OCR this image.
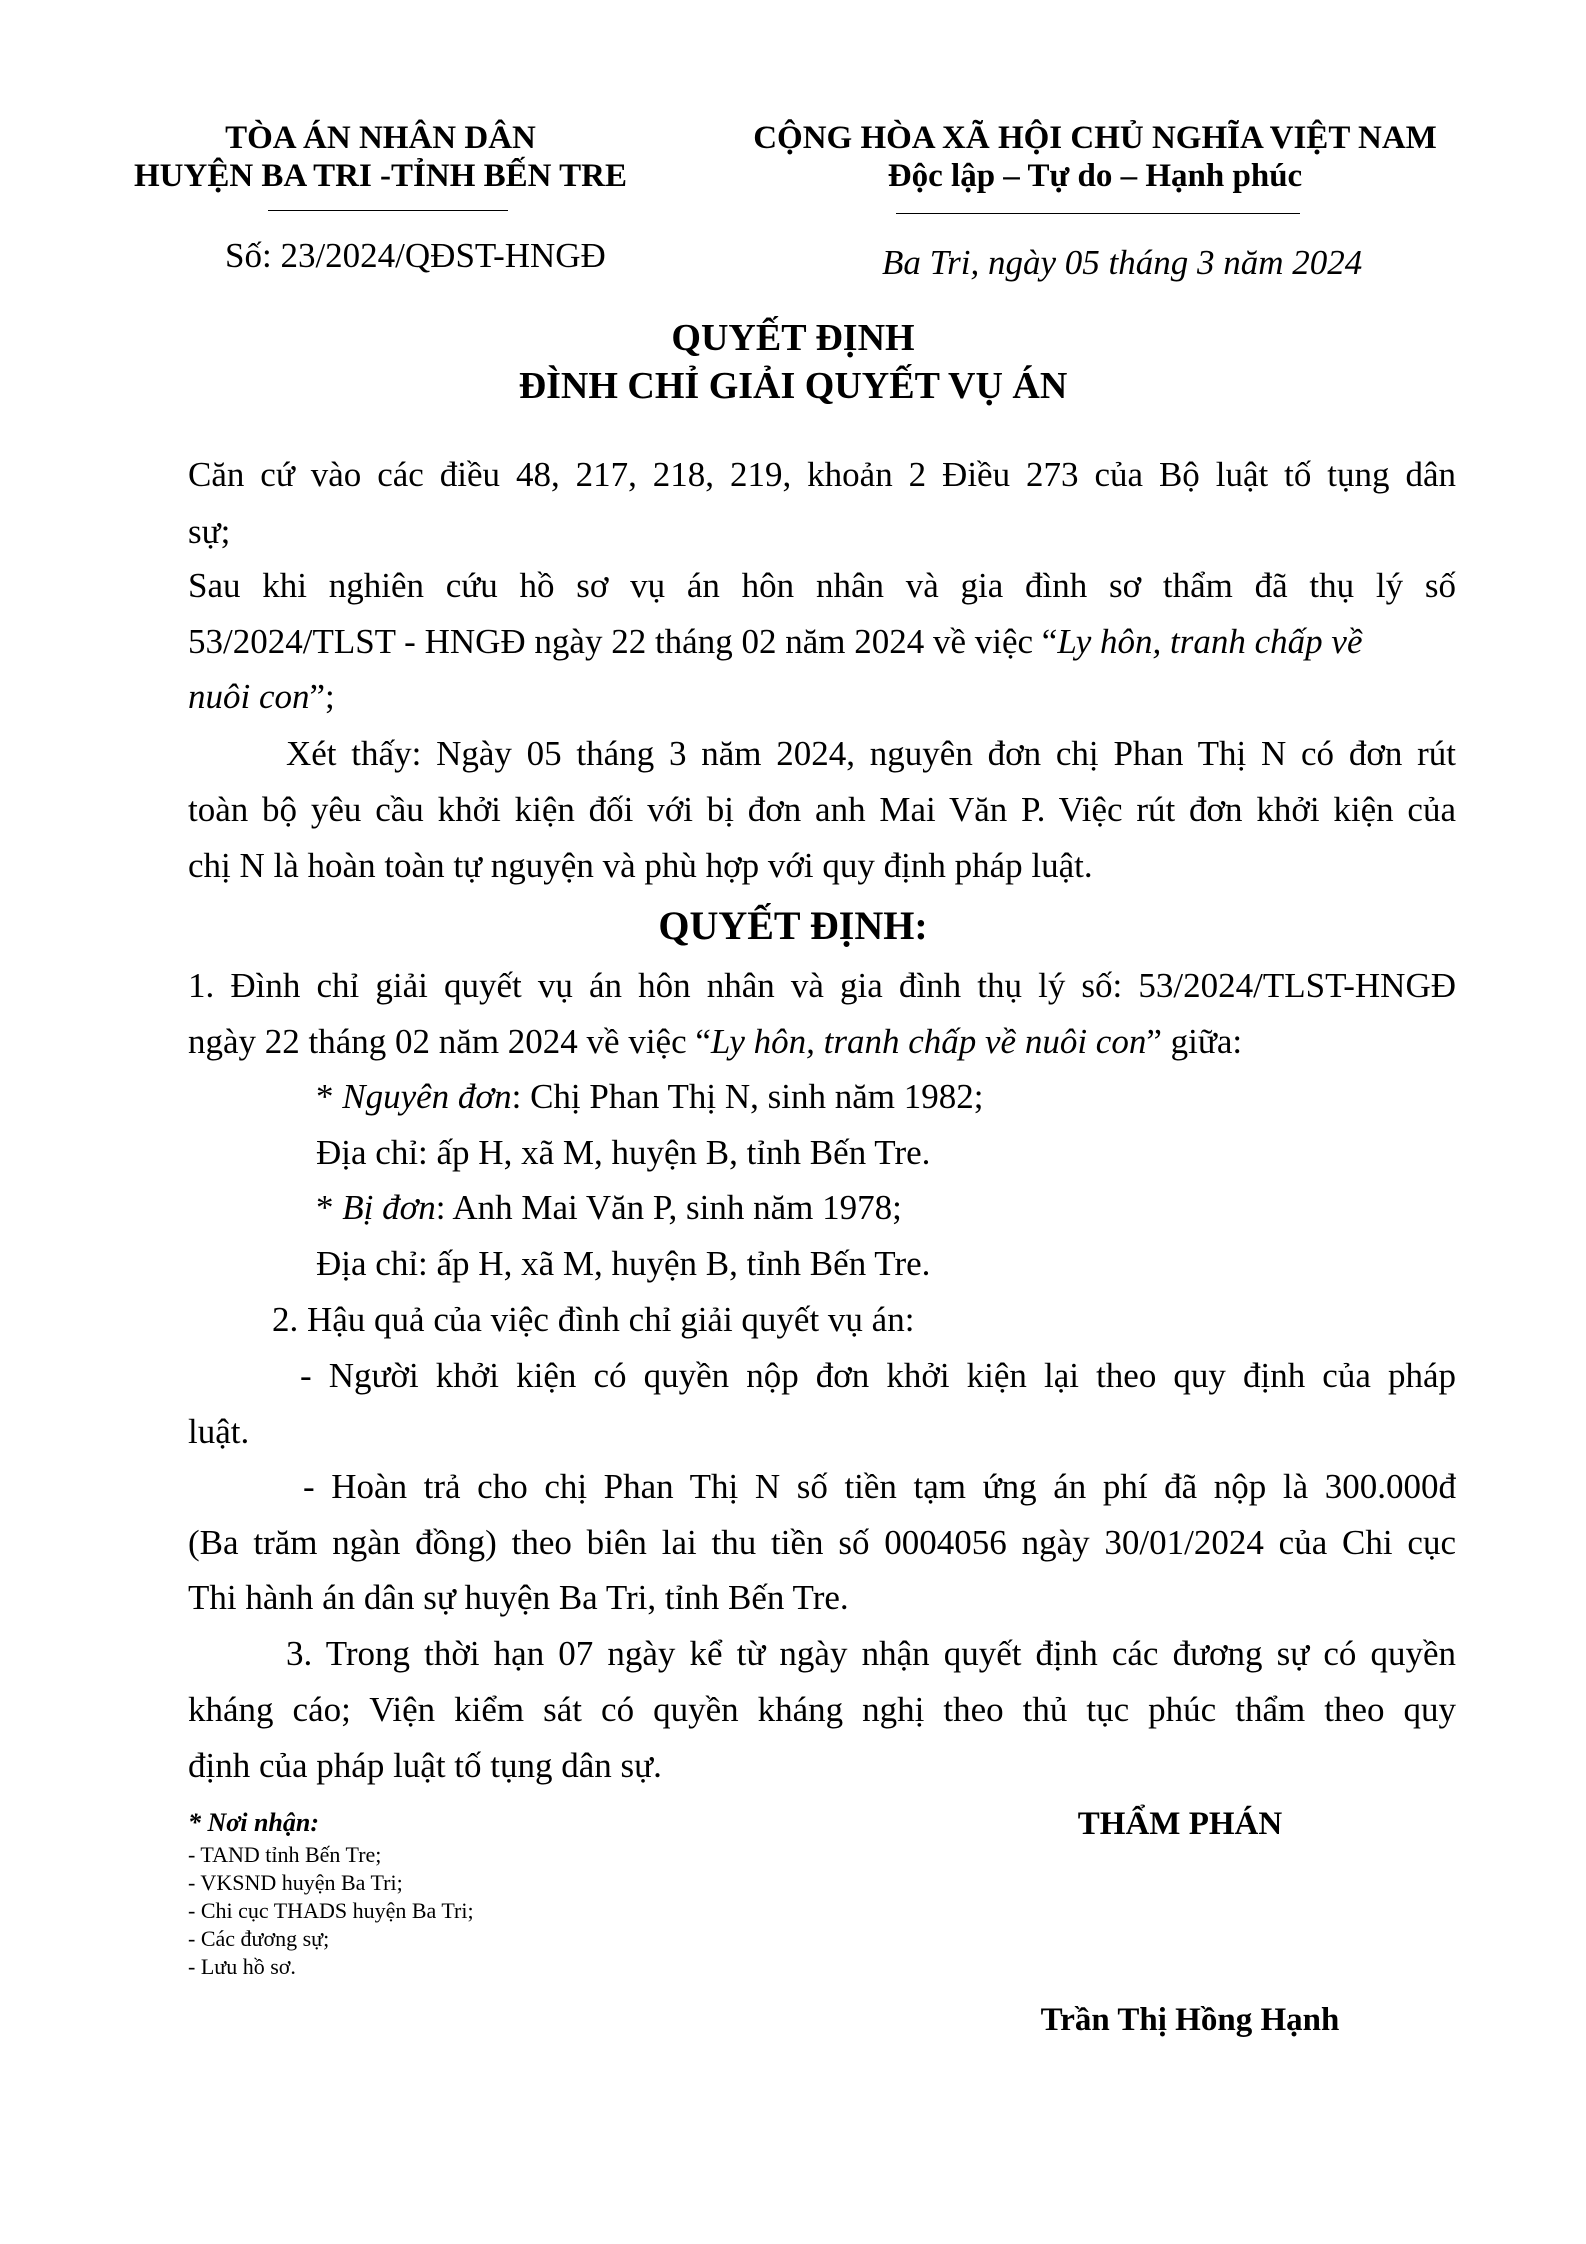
TÒA ÁN NHÂN DÂN
HUYỆN BA TRI -TỈNH BẾN TRE
CỘNG HÒA XÃ HỘI CHỦ NGHĨA VIỆT NAM
Độc lập – Tự do – Hạnh phúc
Số: 23/2024/QĐST-HNGĐ	Ba Tri, ngày 05 tháng 3 năm 2024
QUYẾT ĐỊNH
ĐÌNH CHỈ GIẢI QUYẾT VỤ ÁN
Căn cứ vào các điều 48, 217, 218, 219, khoản 2 Điều 273 của Bộ luật tố tụng dân
sự;
Sau khi nghiên cứu hồ sơ vụ án hôn nhân và gia đình sơ thẩm đã thụ lý số
53/2024/TLST - HNGĐ ngày 22 tháng 02 năm 2024 về việc “Ly hôn, tranh chấp về
nuôi con”;
Xét thấy: Ngày 05 tháng 3 năm 2024, nguyên đơn chị Phan Thị N có đơn rút
toàn bộ yêu cầu khởi kiện đối với bị đơn anh Mai Văn P. Việc rút đơn khởi kiện của
chị N là hoàn toàn tự nguyện và phù hợp với quy định pháp luật.
QUYẾT ĐỊNH:
1. Đình chỉ giải quyết vụ án hôn nhân và gia đình thụ lý số: 53/2024/TLST-HNGĐ
ngày 22 tháng 02 năm 2024 về việc “Ly hôn, tranh chấp về nuôi con” giữa:
* Nguyên đơn: Chị Phan Thị N, sinh năm 1982;
Địa chỉ: ấp H, xã M, huyện B, tỉnh Bến Tre.
* Bị đơn: Anh Mai Văn P, sinh năm 1978;
Địa chỉ: ấp H, xã M, huyện B, tỉnh Bến Tre.
2. Hậu quả của việc đình chỉ giải quyết vụ án:
- Người khởi kiện có quyền nộp đơn khởi kiện lại theo quy định của pháp
luật.
- Hoàn trả cho chị Phan Thị N số tiền tạm ứng án phí đã nộp là 300.000đ
(Ba trăm ngàn đồng) theo biên lai thu tiền số 0004056 ngày 30/01/2024 của Chi cục
Thi hành án dân sự huyện Ba Tri, tỉnh Bến Tre.
3. Trong thời hạn 07 ngày kể từ ngày nhận quyết định các đương sự có quyền
kháng cáo; Viện kiểm sát có quyền kháng nghị theo thủ tục phúc thẩm theo quy
định của pháp luật tố tụng dân sự.
* Nơi nhận:
- TAND tỉnh Bến Tre;
- VKSND huyện Ba Tri;
- Chi cục THADS huyện Ba Tri;
- Các đương sự;
- Lưu hồ sơ.
THẨM PHÁN
Trần Thị Hồng Hạnh
